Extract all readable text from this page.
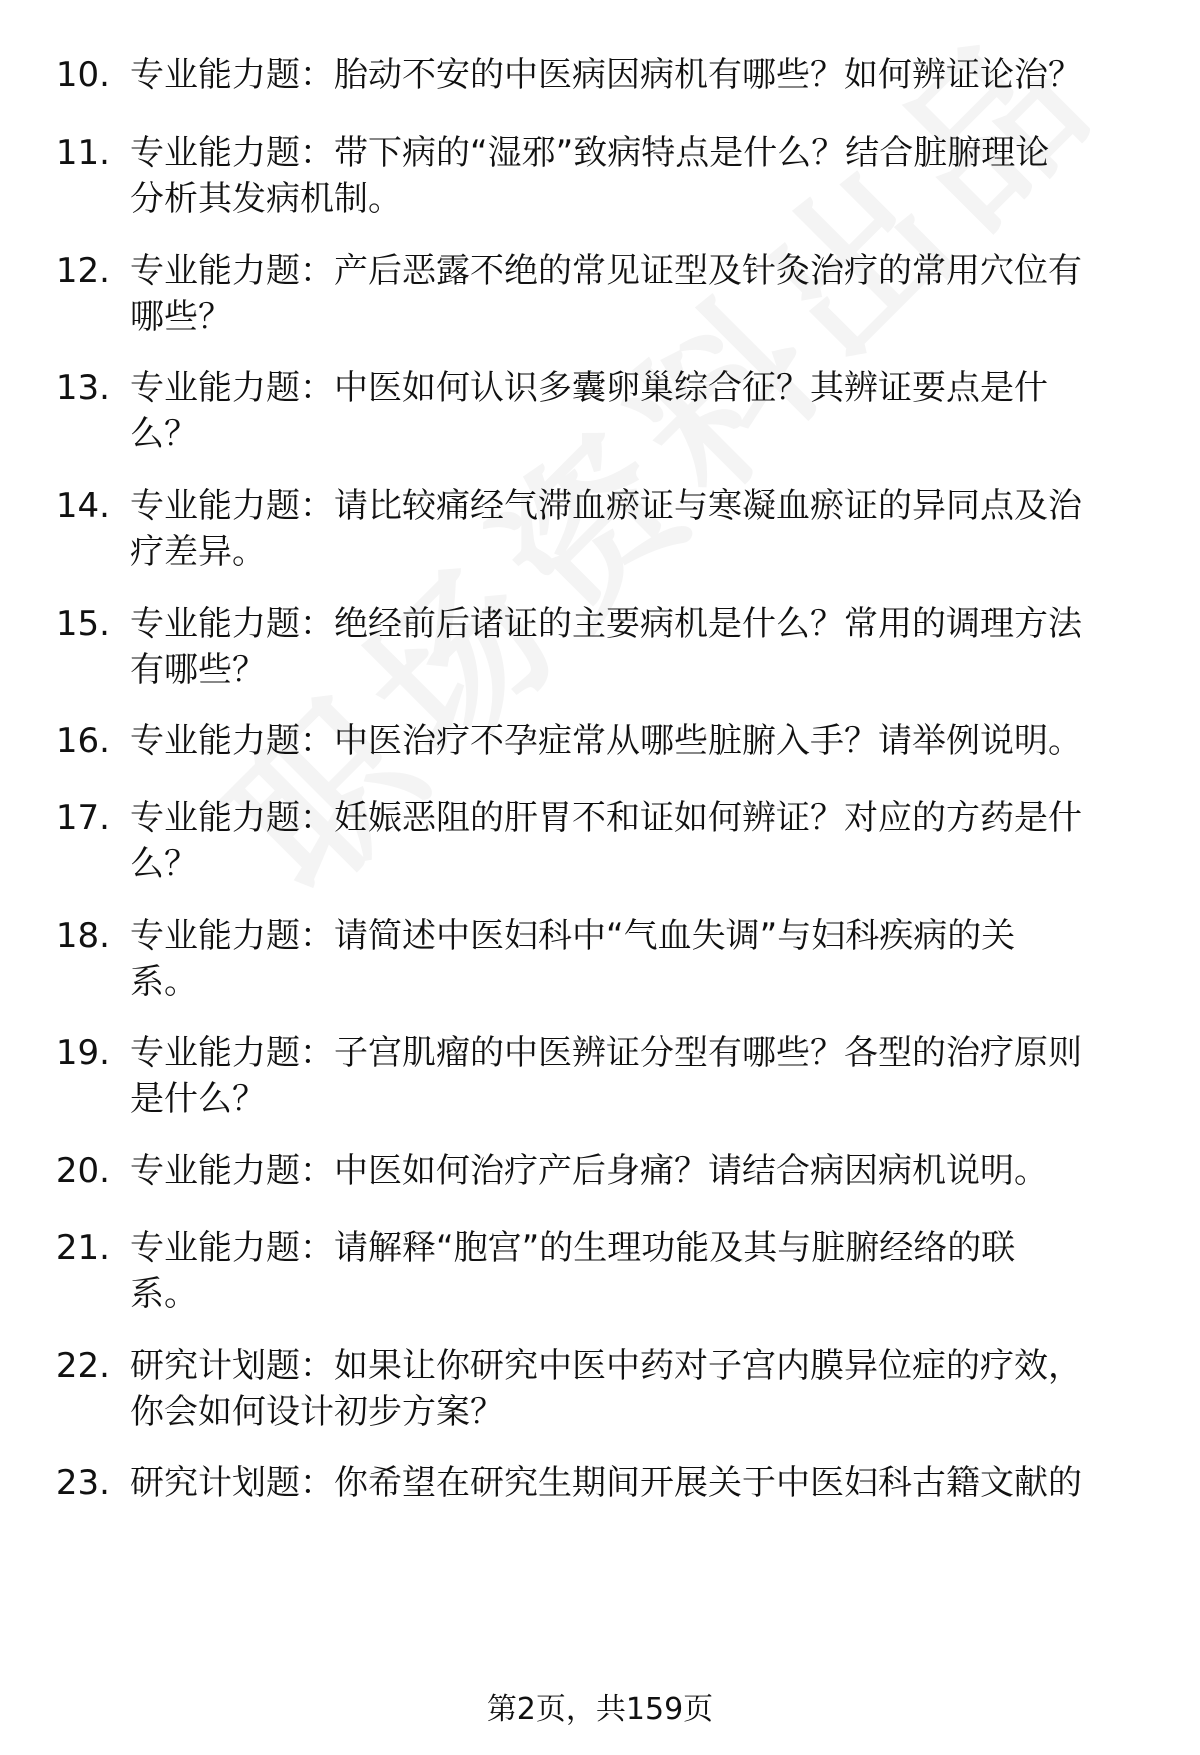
10. 专业能力题：胎动不安的中医病因病机有哪些？如何辨证论治？
11. 专业能力题：带下病的“湿邪”致病特点是什么？结合脏腑理论
分析其发病机制。
12. 专业能力题：产后恶露不绝的常见证型及针灸治疗的常用穴位有
哪些？
13. 专业能力题：中医如何认识多囊卵巢综合征？其辨证要点是什
么？
14. 专业能力题：请比较痛经气滞血瘀证与寒凝血瘀证的异同点及治
疗差异。
15. 专业能力题：绝经前后诸证的主要病机是什么？常用的调理方法
有哪些？
16. 专业能力题：中医治疗不孕症常从哪些脏腑入手？请举例说明。
17. 专业能力题：妊娠恶阻的肝胃不和证如何辨证？对应的方药是什
么？
18. 专业能力题：请简述中医妇科中“气血失调”与妇科疾病的关
系。
19. 专业能力题：子宫肌瘤的中医辨证分型有哪些？各型的治疗原则
是什么？
20. 专业能力题：中医如何治疗产后身痛？请结合病因病机说明。
21. 专业能力题：请解释“胞宫”的生理功能及其与脏腑经络的联
系。
22. 研究计划题：如果让你研究中医中药对子宫内膜异位症的疗效，
你会如何设计初步方案？
23. 研究计划题：你希望在研究生期间开展关于中医妇科古籍文献的
第2页，共159页
